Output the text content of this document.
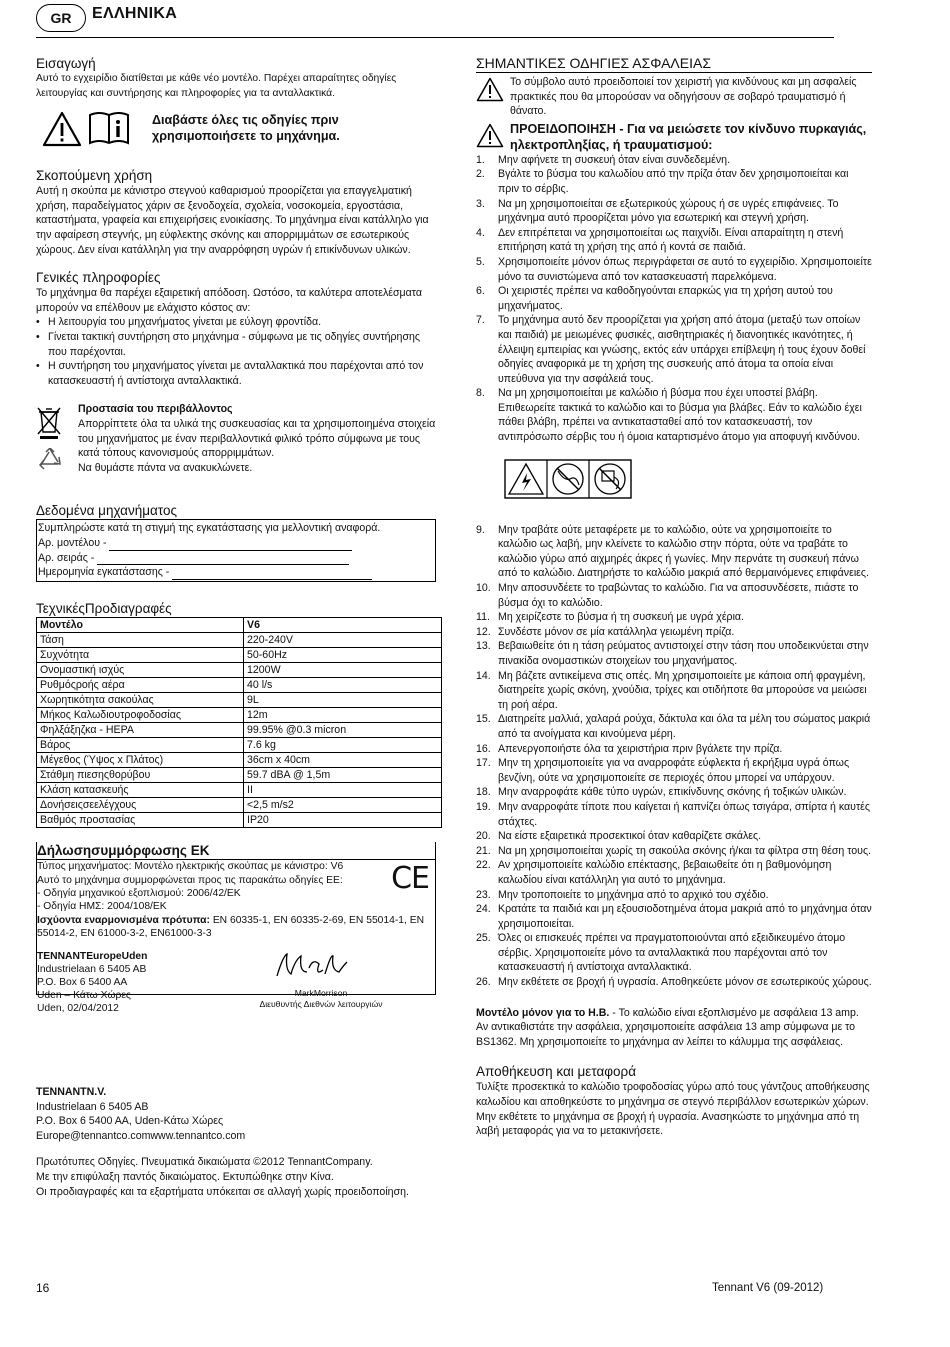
GR	ΕΛΛΗΝΙΚΑ
Εισαγωγή

Αυτό το εγχειρίδιο διατίθεται με κάθε νέο μοντέλο. Παρέχει απαραίτητες οδηγίες λειτουργίας και συντήρησης και πληροφορίες για τα ανταλλακτικά.

Διαβάστε όλες τις οδηγίες πριν χρησιμοποιήσετε το μηχάνημα.
Σκοπούμενη χρήση

Αυτή η σκούπα με κάνιστρο στεγνού καθαρισμού προορίζεται για επαγγελματική χρήση, παραδείγματος χάριν σε ξενοδοχεία, σχολεία, νοσοκομεία, εργοστάσια, καταστήματα, γραφεία και επιχειρήσεις ενοικίασης. Το μηχάνημα είναι κατάλληλο για την αφαίρεση στεγνής, μη εύφλεκτης σκόνης και απορριμμάτων σε εσωτερικούς χώρους. Δεν είναι κατάλληλη για την αναρρόφηση υγρών ή επικίνδυνων υλικών.

Γενικές πληροφορίες

Το μηχάνημα θα παρέχει εξαιρετική απόδοση. Ωστόσο, τα καλύτερα αποτελέσματα μπορούν να επέλθουν με ελάχιστο κόστος αν:

• Η λειτουργία του μηχανήματος γίνεται με εύλογη φροντίδα.
• Γίνεται τακτική συντήρηση στο μηχάνημα - σύμφωνα με τις οδηγίες συντήρησης που παρέχονται.
• Η συντήρηση του μηχανήματος γίνεται με ανταλλακτικά που παρέχονται από τον κατασκευαστή ή αντίστοιχα ανταλλακτικά.
Προστασία του περιβάλλοντος

Απορρίπτετε όλα τα υλικά της συσκευασίας και τα χρησιμοποιημένα στοιχεία του μηχανήματος με έναν περιβαλλοντικά φιλικό τρόπο σύμφωνα με τους κατά τόπους κανονισμούς απορριμμάτων.

Να θυμάστε πάντα να ανακυκλώνετε.

Δεδομένα μηχανήματος
Συμπληρώστε κατά τη στιγμή της εγκατάστασης για μελλοντική αναφορά.
Αρ. μοντέλου -
Αρ. σειράς -
Ημερομηνία εγκατάστασης -
ΤεχνικέςΠροδιαγραφές
Μοντέλο	V6
Τάση	220-240V
Συχνότητα	50-60Hz
Ονομαστική ισχύς	1200W
Ρυθμόςροής αέρα	40 l/s
Χωρητικότητα σακούλας	9L
Μήκος Καλωδιουτροφοδοσίας	12m
Φηλξάξηζκα - HEPA	99.95% @0.3 micron
Βάρος	7.6 kg
Μέγεθος (Ύψος x Πλάτος)	36cm x 40cm
Στάθμη πιεσηςθορύβου	59.7 dBA @ 1,5m
Κλάση κατασκευής	II
Δονήσειςσεελέγχους	<2,5 m/s2
Βαθμός προστασίας	IP20
Δήλωσησυμμόρφωσης ΕΚ
Τύπος μηχανήματος: Μοντέλο ηλεκτρικής σκούπας με κάνιστρο: V6
Αυτό το μηχάνημα συμμορφώνεται προς τις παρακάτω οδηγίες ΕΕ:
- Οδηγία μηχανικού εξοπλισμού: 2006/42/ΕΚ
- Οδηγία ΗΜΣ: 2004/108/ΕΚ
Ισχύοντα εναρμονισμένα πρότυπα: EN 60335-1, EN 60335-2-69, EN 55014-1, EN 55014-2, EN 61000-3-2, EN61000-3-3
CE
TENNANTEuropeUden
Industrielaan 6 5405 AB
P.O. Box 6 5400 AA
Uden – Κάτω Χώρες
Uden, 02/04/2012
MarkMorrison
Διευθυντής Διεθνών λειτουργιών
TENNANTN.V.
Industrielaan 6 5405 AB
P.O. Box 6 5400 AA, Uden-Κάτω Χώρες
Europe@tennantco.comwww.tennantco.com
Πρωτότυπες Οδηγίες. Πνευματικά δικαιώματα ©2012 TennantCompany.
Με την επιφύλαξη παντός δικαιώματος. Εκτυπώθηκε στην Κίνα.
Οι προδιαγραφές και τα εξαρτήματα υπόκειται σε αλλαγή χωρίς προειδοποίηση.
ΣΗΜΑΝΤΙΚΕΣ ΟΔΗΓΙΕΣ ΑΣΦΑΛΕΙΑΣ

Το σύμβολο αυτό προειδοποιεί τον χειριστή για κινδύνους και μη ασφαλείς πρακτικές που θα μπορούσαν να οδηγήσουν σε σοβαρό τραυματισμό ή θάνατο.

ΠΡΟΕΙΔΟΠΟΙΗΣΗ - Για να μειώσετε τον κίνδυνο πυρκαγιάς, ηλεκτροπληξίας, ή τραυματισμού:

1. Μην αφήνετε τη συσκευή όταν είναι συνδεδεμένη.
2. Βγάλτε το βύσμα του καλωδίου από την πρίζα όταν δεν χρησιμοποιείται και πριν το σέρβις.
3. Να μη χρησιμοποιείται σε εξωτερικούς χώρους ή σε υγρές επιφάνειες. Το μηχάνημα αυτό προορίζεται μόνο για εσωτερική και στεγνή χρήση.
4. Δεν επιτρέπεται να χρησιμοποιείται ως παιχνίδι. Είναι απαραίτητη η στενή επιτήρηση κατά τη χρήση της από ή κοντά σε παιδιά.
5. Χρησιμοποιείτε μόνον όπως περιγράφεται σε αυτό το εγχειρίδιο. Χρησιμοποιείτε μόνο τα συνιστώμενα από τον κατασκευαστή παρελκόμενα.
6. Οι χειριστές πρέπει να καθοδηγούνται επαρκώς για τη χρήση αυτού του μηχανήματος.
7. Το μηχάνημα αυτό δεν προορίζεται για χρήση από άτομα (μεταξύ των οποίων και παιδιά) με μειωμένες φυσικές, αισθητηριακές ή διανοητικές ικανότητες, ή έλλειψη εμπειρίας και γνώσης, εκτός εάν υπάρχει επίβλεψη ή τους έχουν δοθεί οδηγίες αναφορικά με τη χρήση της συσκευής από άτομα τα οποία είναι υπεύθυνα για την ασφάλειά τους.
8. Να μη χρησιμοποιείται με καλώδιο ή βύσμα που έχει υποστεί βλάβη. Επιθεωρείτε τακτικά το καλώδιο και το βύσμα για βλάβες. Εάν το καλώδιο έχει πάθει βλάβη, πρέπει να αντικατασταθεί από τον κατασκευαστή, τον αντιπρόσωπο σέρβις του ή όμοια καταρτισμένο άτομο για αποφυγή κινδύνου.
9. Μην τραβάτε ούτε μεταφέρετε με το καλώδιο, ούτε να χρησιμοποιείτε το καλώδιο ως λαβή, μην κλείνετε το καλώδιο στην πόρτα, ούτε να τραβάτε το καλώδιο γύρω από αιχμηρές άκρες ή γωνίες. Μην περνάτε τη συσκευή πάνω από το καλώδιο. Διατηρήστε το καλώδιο μακριά από θερμαινόμενες επιφάνειες.
10. Μην αποσυνδέετε το τραβώντας το καλώδιο. Για να αποσυνδέσετε, πιάστε το βύσμα όχι το καλώδιο.
11. Μη χειρίζεστε το βύσμα ή τη συσκευή με υγρά χέρια.
12. Συνδέστε μόνον σε μία κατάλληλα γειωμένη πρίζα.
13. Βεβαιωθείτε ότι η τάση ρεύματος αντιστοιχεί στην τάση που υποδεικνύεται στην πινακίδα ονομαστικών στοιχείων του μηχανήματος.
14. Μη βάζετε αντικείμενα στις οπές. Μη χρησιμοποιείτε με κάποια οπή φραγμένη, διατηρείτε χωρίς σκόνη, χνούδια, τρίχες και οτιδήποτε θα μπορούσε να μειώσει τη ροή αέρα.
15. Διατηρείτε μαλλιά, χαλαρά ρούχα, δάκτυλα και όλα τα μέλη του σώματος μακριά από τα ανοίγματα και κινούμενα μέρη.
16. Απενεργοποιήστε όλα τα χειριστήρια πριν βγάλετε την πρίζα.
17. Μην τη χρησιμοποιείτε για να αναρροφάτε εύφλεκτα ή εκρήξιμα υγρά όπως βενζίνη, ούτε να χρησιμοποιείτε σε περιοχές όπου μπορεί να υπάρχουν.
18. Μην αναρροφάτε κάθε τύπο υγρών, επικίνδυνης σκόνης ή τοξικών υλικών.
19. Μην αναρροφάτε τίποτε που καίγεται ή καπνίζει όπως τσιγάρα, σπίρτα ή καυτές στάχτες.
20. Να είστε εξαιρετικά προσεκτικοί όταν καθαρίζετε σκάλες.
21. Να μη χρησιμοποιείται χωρίς τη σακούλα σκόνης ή/και τα φίλτρα στη θέση τους.
22. Αν χρησιμοποιείτε καλώδιο επέκτασης, βεβαιωθείτε ότι η βαθμονόμηση καλωδίου είναι κατάλληλη για αυτό το μηχάνημα.
23. Μην τροποποιείτε το μηχάνημα από το αρχικό του σχέδιο.
24. Κρατάτε τα παιδιά και μη εξουσιοδοτημένα άτομα μακριά από το μηχάνημα όταν χρησιμοποιείται.
25. Όλες οι επισκευές πρέπει να πραγματοποιούνται από εξειδικευμένο άτομο σέρβις. Χρησιμοποιείτε μόνο τα ανταλλακτικά που παρέχονται από τον κατασκευαστή ή αντίστοιχα ανταλλακτικά.
26. Μην εκθέτετε σε βροχή ή υγρασία. Αποθηκεύετε μόνον σε εσωτερικούς χώρους.

Μοντέλο μόνον για το Η.Β. - Το καλώδιο είναι εξοπλισμένο με ασφάλεια 13 amp. Αν αντικαθιστάτε την ασφάλεια, χρησιμοποιείτε ασφάλεια 13 amp σύμφωνα με το BS1362. Μη χρησιμοποιείτε το μηχάνημα αν λείπει το κάλυμμα της ασφάλειας.

Αποθήκευση και μεταφορά

Τυλίξτε προσεκτικά το καλώδιο τροφοδοσίας γύρω από τους γάντζους αποθήκευσης καλωδίου και αποθηκεύστε το μηχάνημα σε στεγνό περιβάλλον εσωτερικών χώρων. Μην εκθέτετε το μηχάνημα σε βροχή ή υγρασία. Ανασηκώστε το μηχάνημα από τη λαβή μεταφοράς για να το μετακινήσετε.

16	Tennant V6 (09-2012)
